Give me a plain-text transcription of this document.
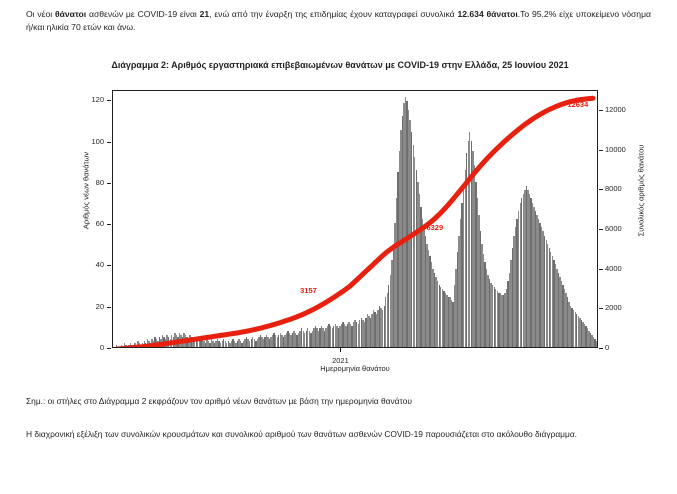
Οι νέοι θάνατοι ασθενών με COVID-19 είναι 21, ενώ από την έναρξη της επιδημίας έχουν καταγραφεί συνολικά 12.634 θάνατοι.Το 95.2% είχε υποκείμενο νόσημα ή/και ηλικία 70 ετών και άνω.
Διάγραμμα 2: Αριθμός εργαστηριακά επιβεβαιωμένων θανάτων με COVID-19 στην Ελλάδα, 25 Ιουνίου 2021
Αριθμός νέων θανάτων	Συνολικός αριθμός θανάτου
Ημερομηνία θανάτου
0
20
40
60
80
100
120
0
2000
4000
6000
8000
10000
12000
2021
3157
6329
12634
Σημ.: οι στήλες στο Διάγραμμα 2 εκφράζουν τον αριθμό νέων θανάτων με βάση την ημερομηνία θανάτου
Η διαχρονική εξέλιξη των συνολικών κρουσμάτων και συνολικού αριθμού των θανάτων ασθενών COVID-19 παρουσιάζεται στο ακόλουθο διάγραμμα.
